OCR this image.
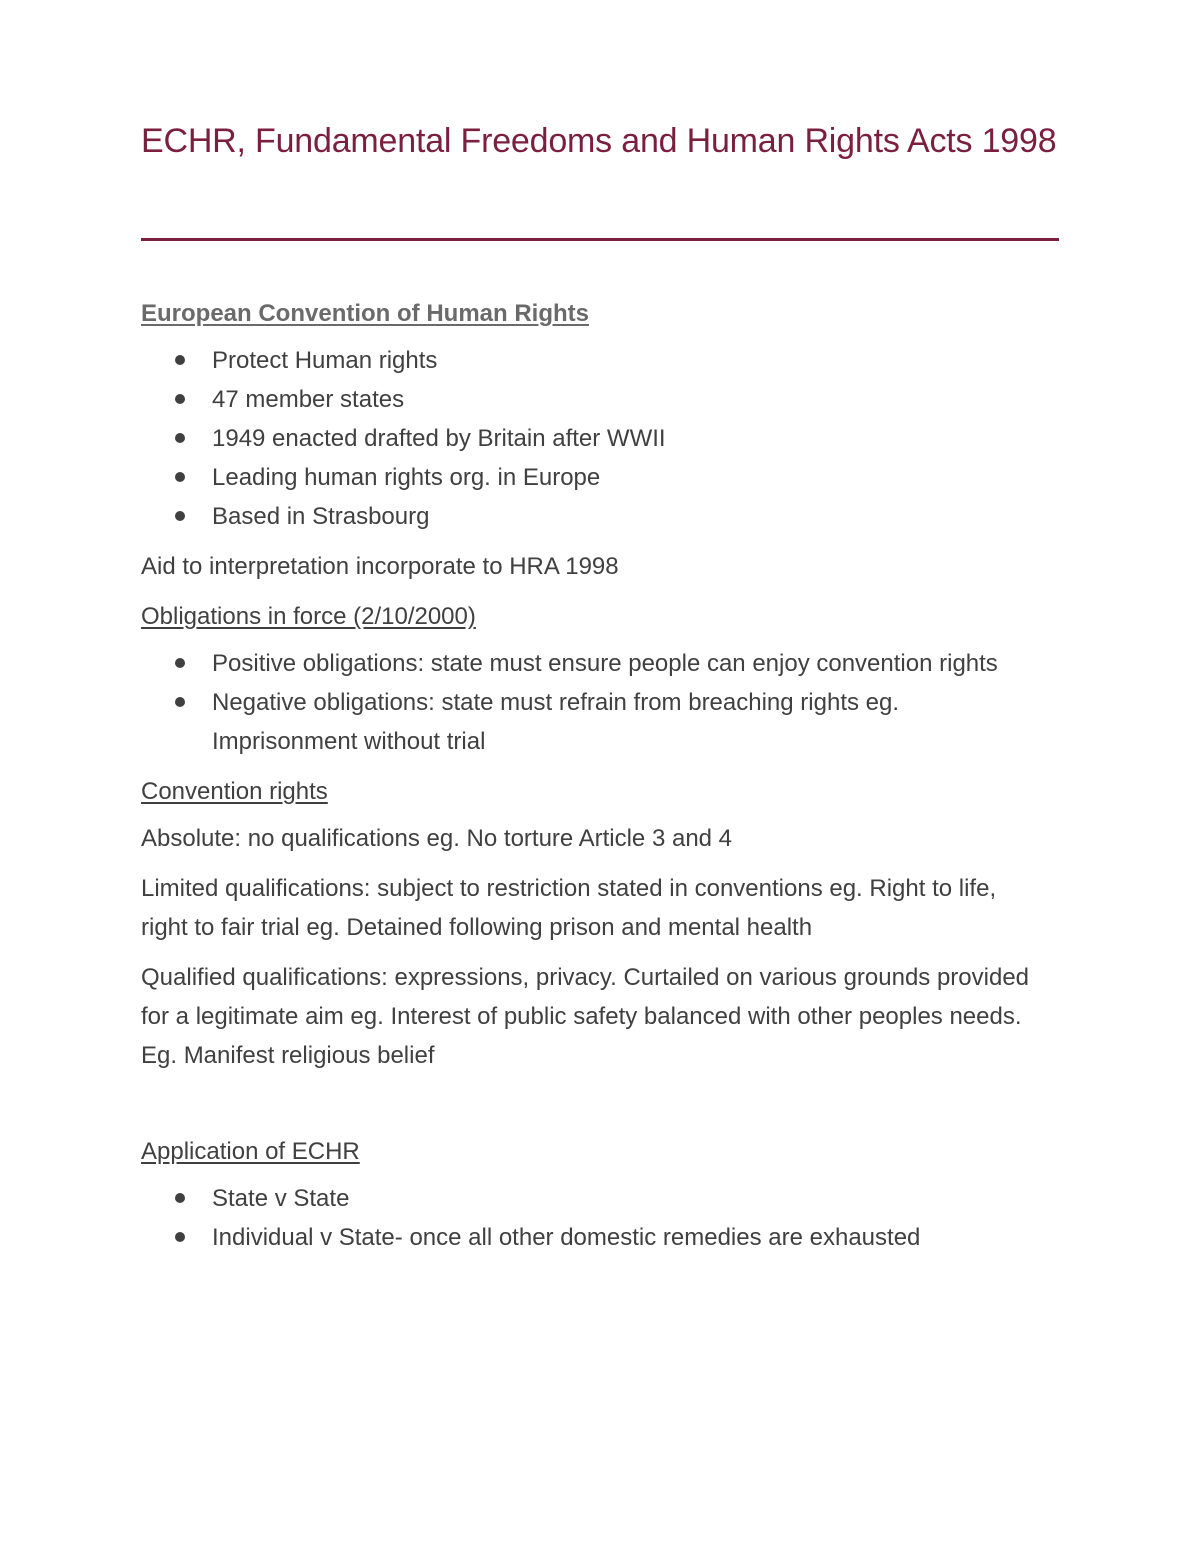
ECHR, Fundamental Freedoms and Human Rights Acts 1998

European Convention of Human Rights

Protect Human rights
47 member states
1949 enacted drafted by Britain after WWII
Leading human rights org. in Europe
Based in Strasbourg

Aid to interpretation incorporate to HRA 1998

Obligations in force (2/10/2000)

Positive obligations: state must ensure people can enjoy convention rights
Negative obligations: state must refrain from breaching rights eg. Imprisonment without trial

Convention rights

Absolute: no qualifications eg. No torture Article 3 and 4

Limited qualifications: subject to restriction stated in conventions eg. Right to life, right to fair trial eg. Detained following prison and mental health

Qualified qualifications: expressions, privacy. Curtailed on various grounds provided for a legitimate aim eg. Interest of public safety balanced with other peoples needs. Eg. Manifest religious belief

Application of ECHR

State v State
Individual v State- once all other domestic remedies are exhausted
